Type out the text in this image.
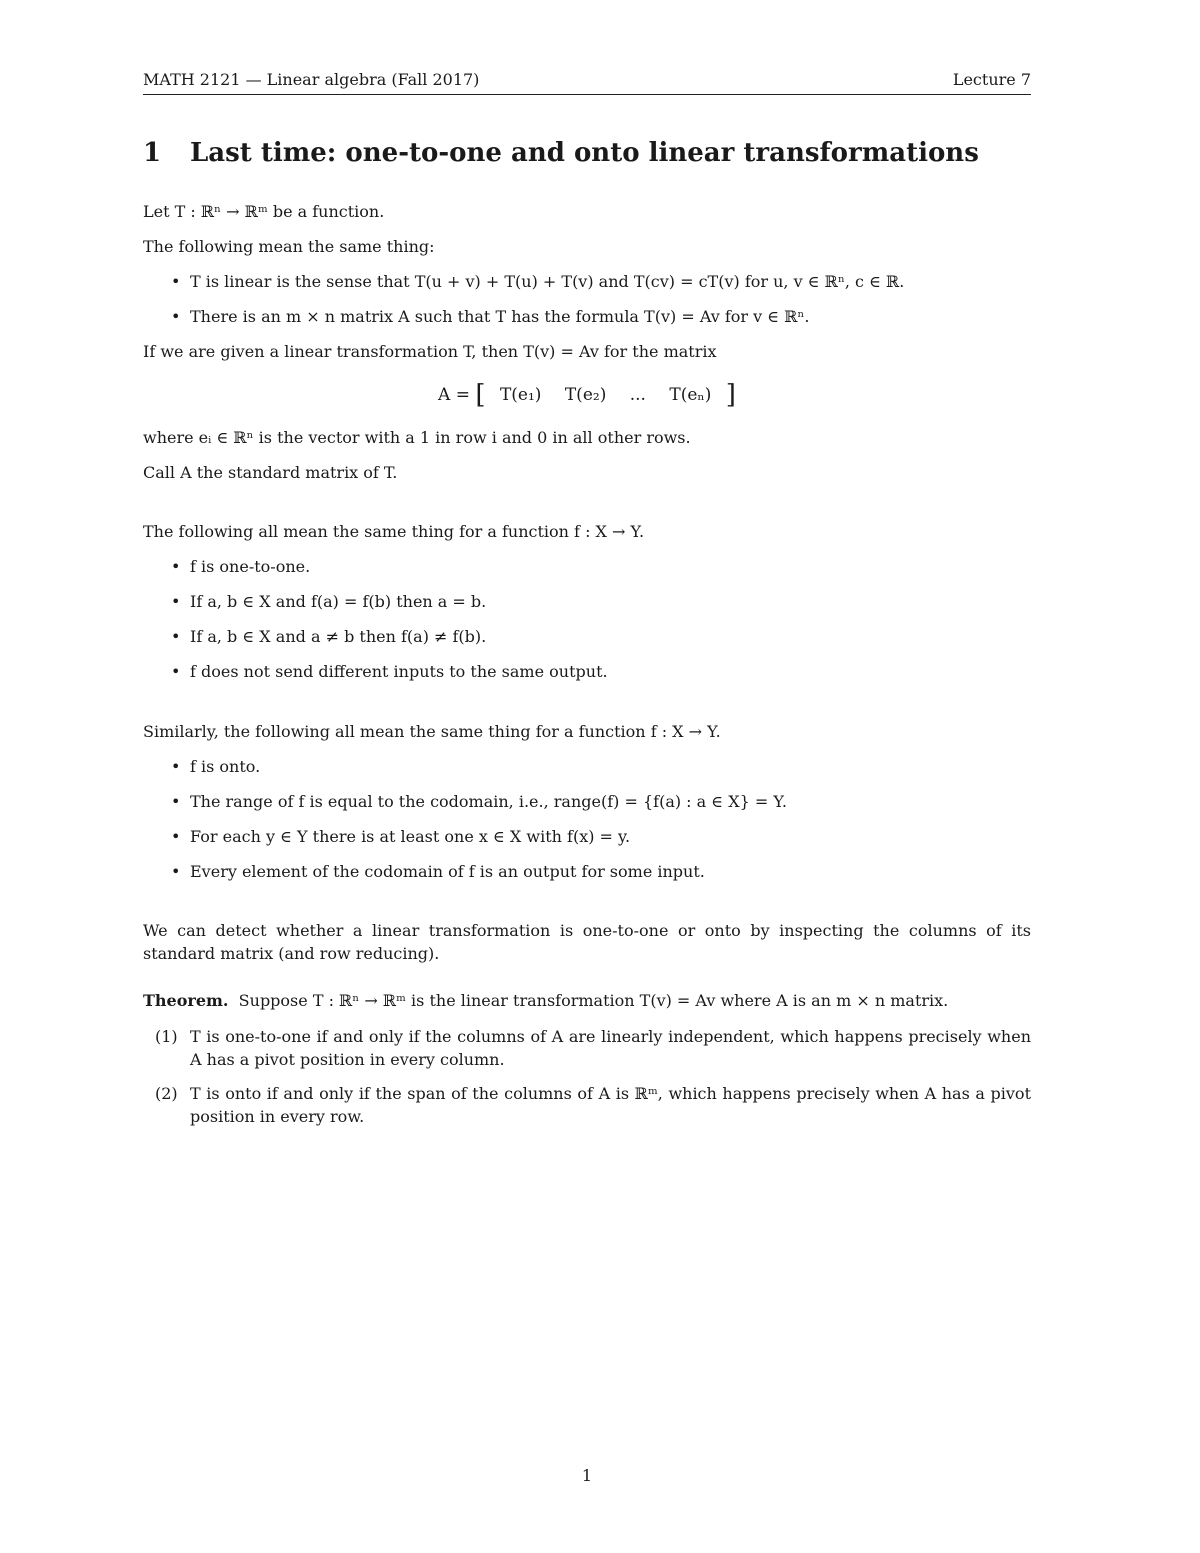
MATH 2121 — Linear algebra (Fall 2017)	Lecture 7
1 Last time: one-to-one and onto linear transformations
Let T : ℝⁿ → ℝᵐ be a function.
The following mean the same thing:
• T is linear is the sense that T(u + v) + T(u) + T(v) and T(cv) = cT(v) for u, v ∈ ℝⁿ, c ∈ ℝ.
• There is an m × n matrix A such that T has the formula T(v) = Av for v ∈ ℝⁿ.
If we are given a linear transformation T, then T(v) = Av for the matrix
A = [ T(e₁) T(e₂) ... T(eₙ) ]
where eᵢ ∈ ℝⁿ is the vector with a 1 in row i and 0 in all other rows.
Call A the standard matrix of T.
The following all mean the same thing for a function f : X → Y.
• f is one-to-one.
• If a, b ∈ X and f(a) = f(b) then a = b.
• If a, b ∈ X and a ≠ b then f(a) ≠ f(b).
• f does not send different inputs to the same output.
Similarly, the following all mean the same thing for a function f : X → Y.
• f is onto.
• The range of f is equal to the codomain, i.e., range(f) = {f(a) : a ∈ X} = Y.
• For each y ∈ Y there is at least one x ∈ X with f(x) = y.
• Every element of the codomain of f is an output for some input.
We can detect whether a linear transformation is one-to-one or onto by inspecting the columns of its standard matrix (and row reducing).
Theorem. Suppose T : ℝⁿ → ℝᵐ is the linear transformation T(v) = Av where A is an m × n matrix.
(1) T is one-to-one if and only if the columns of A are linearly independent, which happens precisely when A has a pivot position in every column.
(2) T is onto if and only if the span of the columns of A is ℝᵐ, which happens precisely when A has a pivot position in every row.
1
